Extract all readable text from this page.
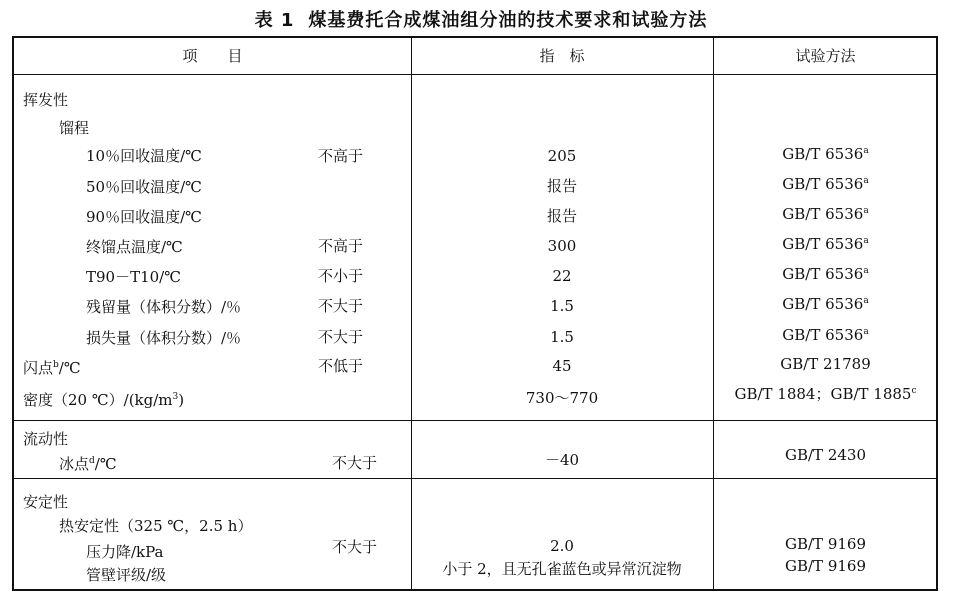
表 1 煤基费托合成煤油组分油的技术要求和试验方法
项　　目	指　标	试验方法
挥发性
馏程
10％回收温度/℃	不高于	205	GB/T 6536$^a$
50％回收温度/℃	报告	GB/T 6536$^a$
90％回收温度/℃	报告	GB/T 6536$^a$
终馏点温度/℃	不高于	300	GB/T 6536$^a$
T90－T10/℃	不小于	22	GB/T 6536$^a$
残留量（体积分数）/％	不大于	1.5	GB/T 6536$^a$
损失量（体积分数）/％	不大于	1.5	GB/T 6536$^a$
闪点$^b$/℃	不低于	45	GB/T 21789
密度（20 $℃)/(kg/m^3)$	730～770	GB/T 1884；GB/T 1885$^c$
流动性
冰点$^d$/℃	不大于	－40	GB/T 2430
安定性
热安定性（325 ℃，2.5 h）
压力降/kPa	不大于	2.0	GB/T 9169
管壁评级/级	小于 2，且无孔雀蓝色或异常沉淀物	GB/T 9169
